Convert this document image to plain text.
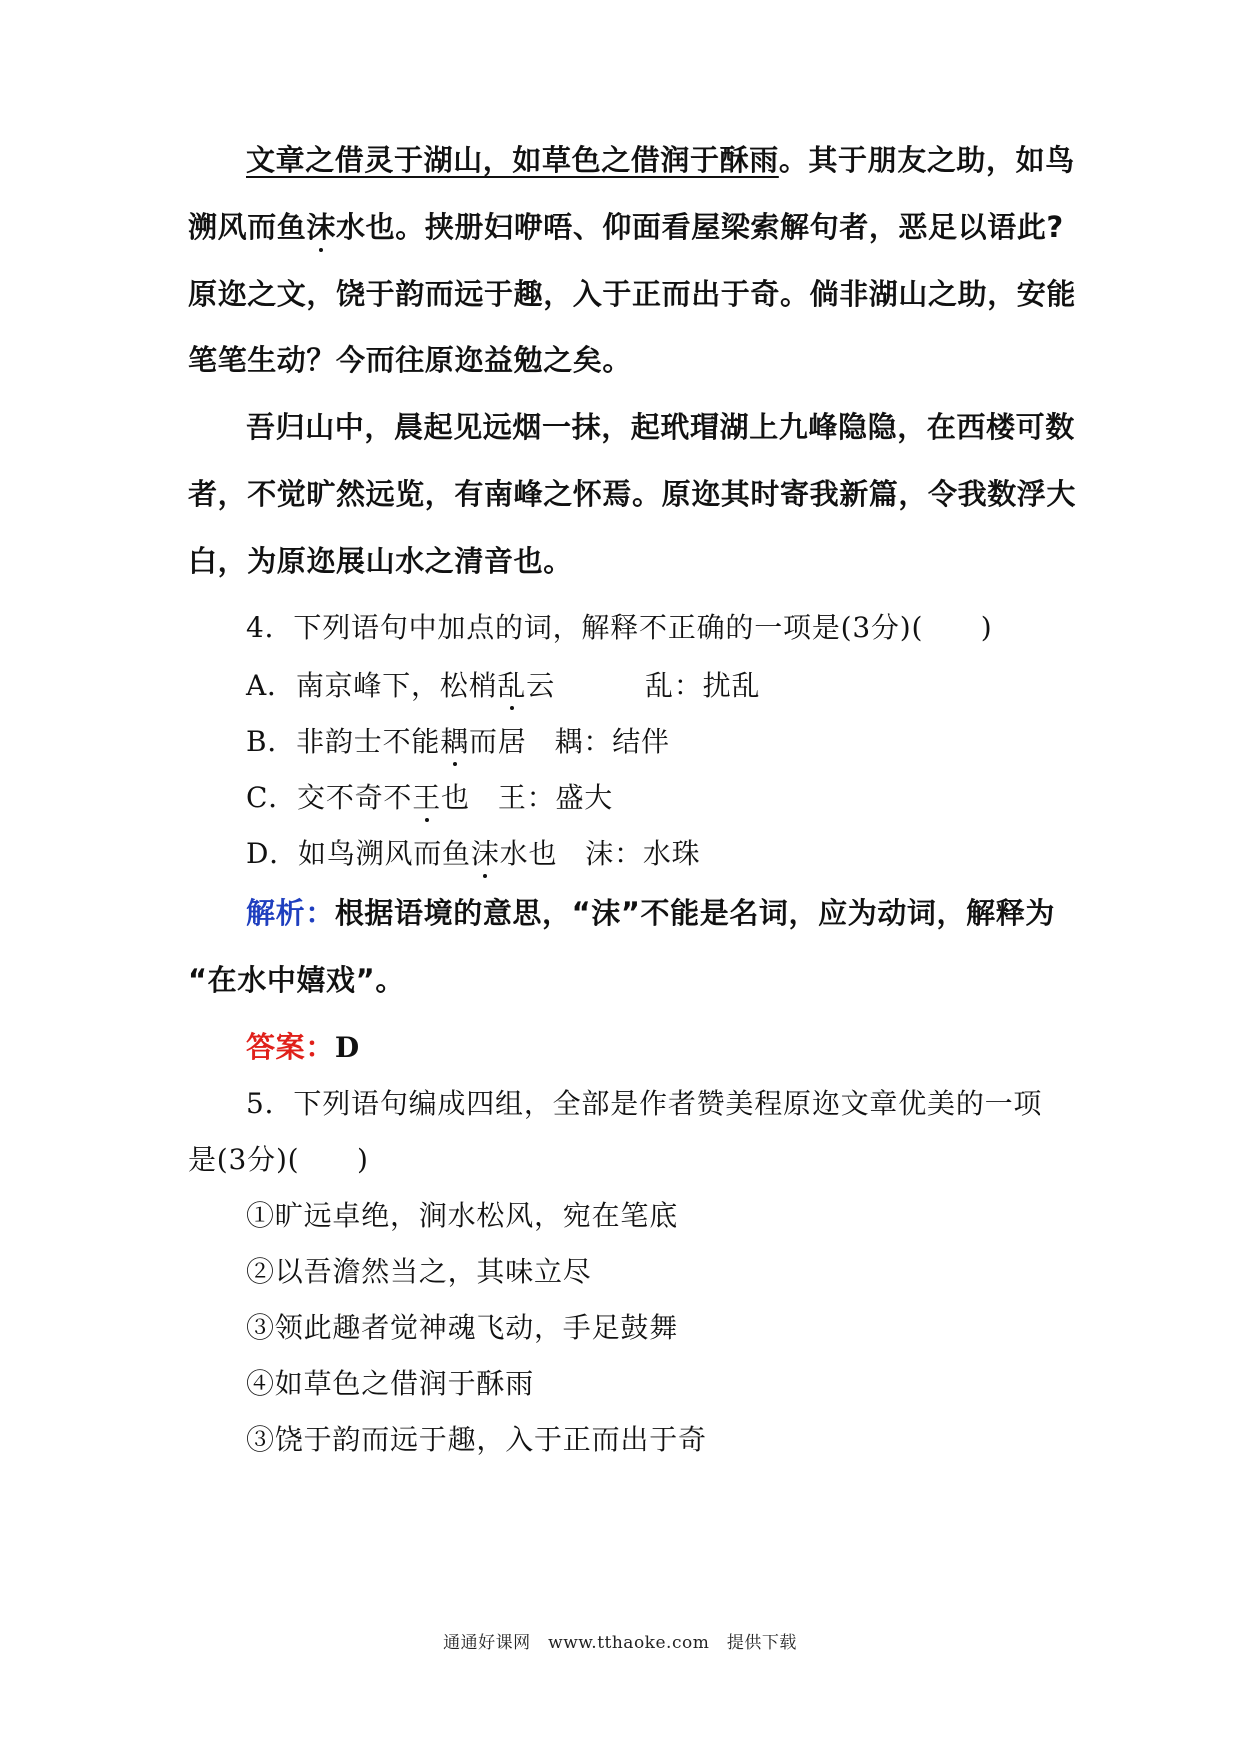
文章之借灵于湖山，如草色之借润于酥雨。其于朋友之助，如鸟
溯风而鱼沫水也。挟册妇咿唔、仰面看屋梁索解句者，恶足以语此?
原迩之文，饶于韵而远于趣，入于正而出于奇。倘非湖山之助，安能
笔笔生动？今而往原迩益勉之矣。
吾归山中，晨起见远烟一抹，起玳瑁湖上九峰隐隐，在西楼可数
者，不觉旷然远览，有南峰之怀焉。原迩其时寄我新篇，令我数浮大
白，为原迩展山水之清音也。
4．下列语句中加点的词，解释不正确的一项是(3分)(　　)
A．南京峰下，松梢乱云	乱：扰乱
B．非韵士不能耦而居 耦：结伴
C．交不奇不王也 王：盛大
D．如鸟溯风而鱼沫水也 沫：水珠
解析：根据语境的意思，“沫”不能是名词，应为动词，解释为
“在水中嬉戏”。
答案：D
5．下列语句编成四组，全部是作者赞美程原迩文章优美的一项
是(3分)(　　)
①旷远卓绝，涧水松风，宛在笔底
②以吾澹然当之，其味立尽
③领此趣者觉神魂飞动，手足鼓舞
④如草色之借润于酥雨
③饶于韵而远于趣，入于正而出于奇
通通好课网　www.tthaoke.com　提供下载
